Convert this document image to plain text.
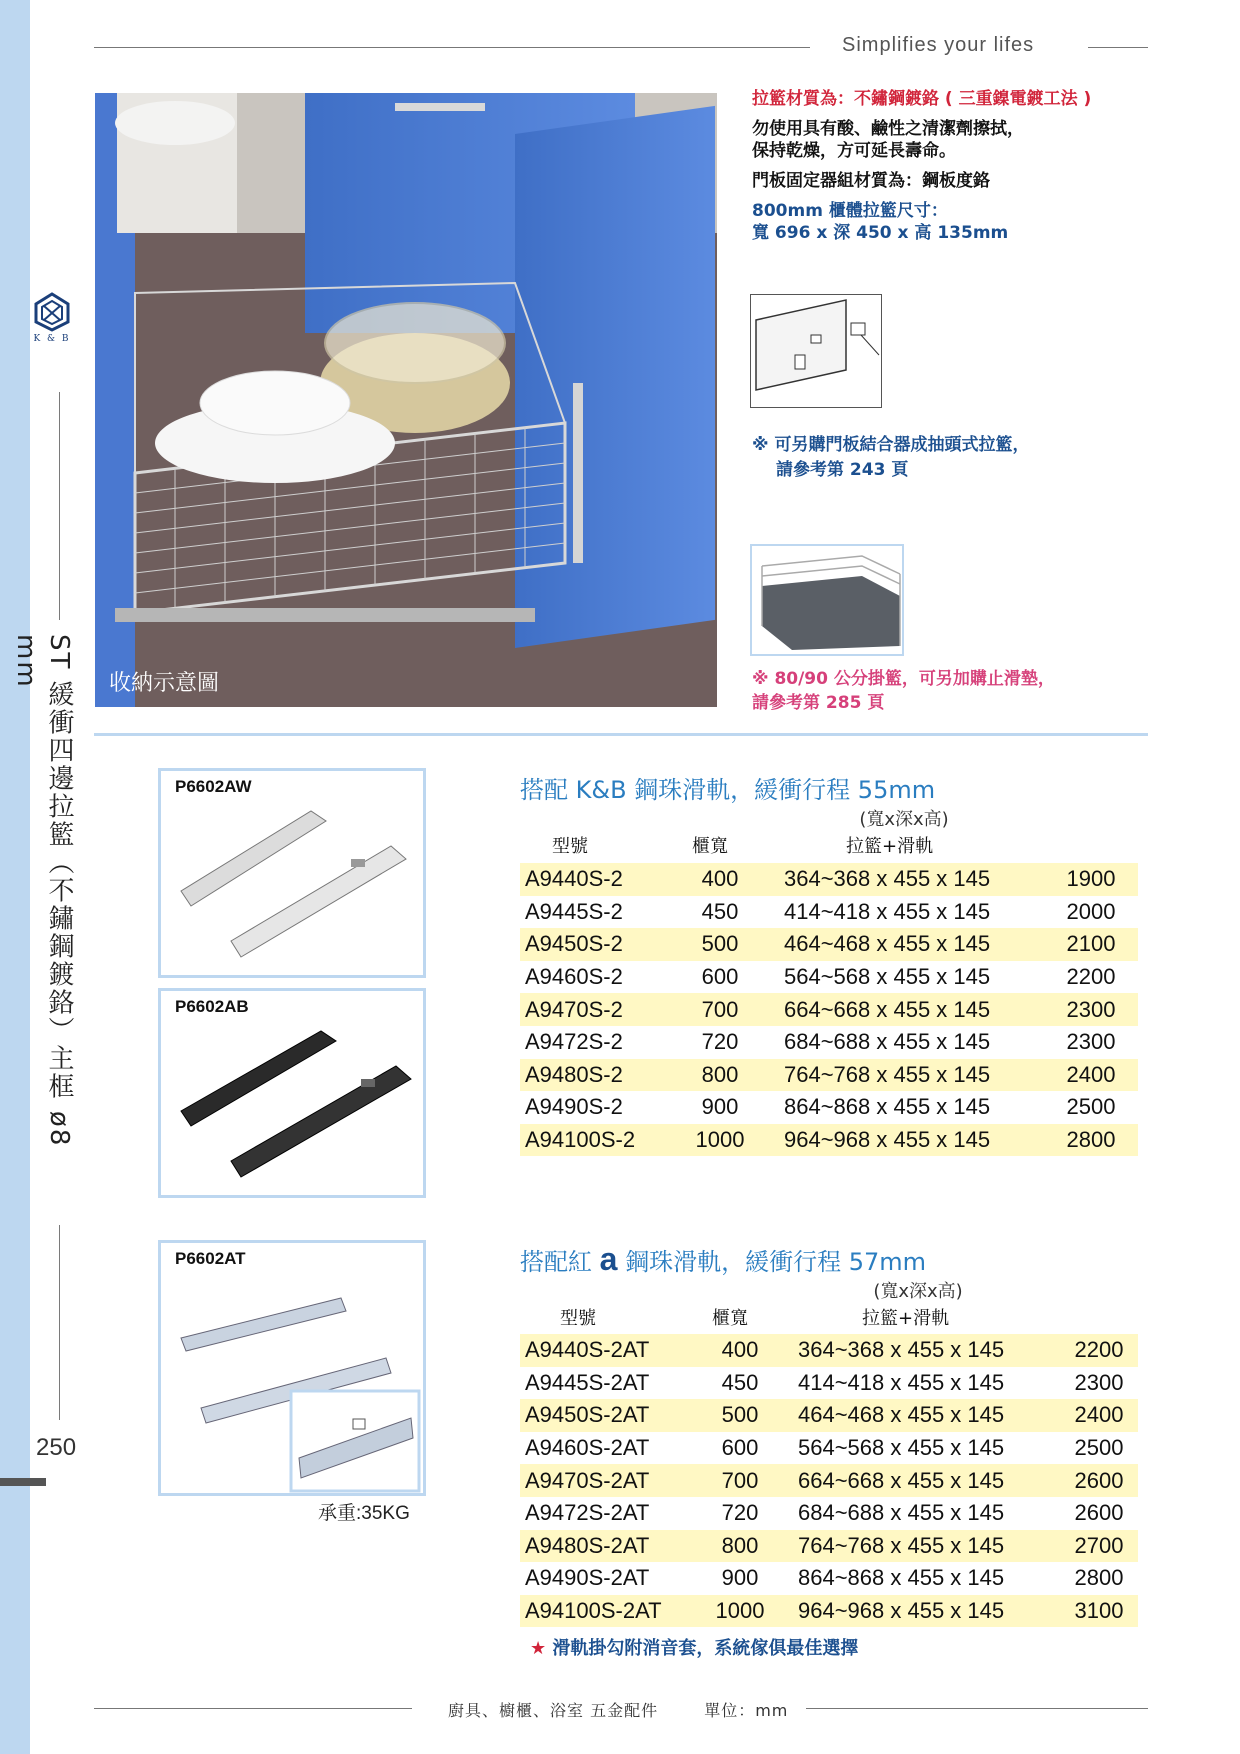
K & B
ST 緩衝四邊拉籃（不鏽鋼鍍鉻）主框 ø8 mm
250
Simplifies your lifes
收納示意圖

拉籃材質為：不鏽鋼鍍鉻 ( 三重鎳電鍍工法 )

勿使用具有酸、鹼性之清潔劑擦拭，

保持乾燥，方可延長壽命。

門板固定器組材質為：鋼板度鉻

800mm 櫃體拉籃尺寸：

寬 696 x 深 450 x 高 135mm

※ 可另購門板結合器成抽頭式拉籃，
請參考第 243 頁
※ 80/90 公分掛籃，可另加購止滑墊，
請參考第 285 頁
P6602AW
P6602AB
P6602AT
承重:35KG
搭配 K&B 鋼珠滑軌，緩衝行程 55mm
(寬x深x高)
型號	櫃寬	拉籃+滑軌
A9440S-2	400	364~368 x 455 x 145	1900
A9445S-2	450	414~418 x 455 x 145	2000
A9450S-2	500	464~468 x 455 x 145	2100
A9460S-2	600	564~568 x 455 x 145	2200
A9470S-2	700	664~668 x 455 x 145	2300
A9472S-2	720	684~688 x 455 x 145	2300
A9480S-2	800	764~768 x 455 x 145	2400
A9490S-2	900	864~868 x 455 x 145	2500
A94100S-2	1000	964~968 x 455 x 145	2800
搭配紅 a 鋼珠滑軌，緩衝行程 57mm
(寬x深x高)
型號	櫃寬	拉籃+滑軌
A9440S-2AT	400	364~368 x 455 x 145	2200
A9445S-2AT	450	414~418 x 455 x 145	2300
A9450S-2AT	500	464~468 x 455 x 145	2400
A9460S-2AT	600	564~568 x 455 x 145	2500
A9470S-2AT	700	664~668 x 455 x 145	2600
A9472S-2AT	720	684~688 x 455 x 145	2600
A9480S-2AT	800	764~768 x 455 x 145	2700
A9490S-2AT	900	864~868 x 455 x 145	2800
A94100S-2AT	1000	964~968 x 455 x 145	3100
★ 滑軌掛勾附消音套，系統傢俱最佳選擇
廚具、櫥櫃、浴室 五金配件	單位：mm
